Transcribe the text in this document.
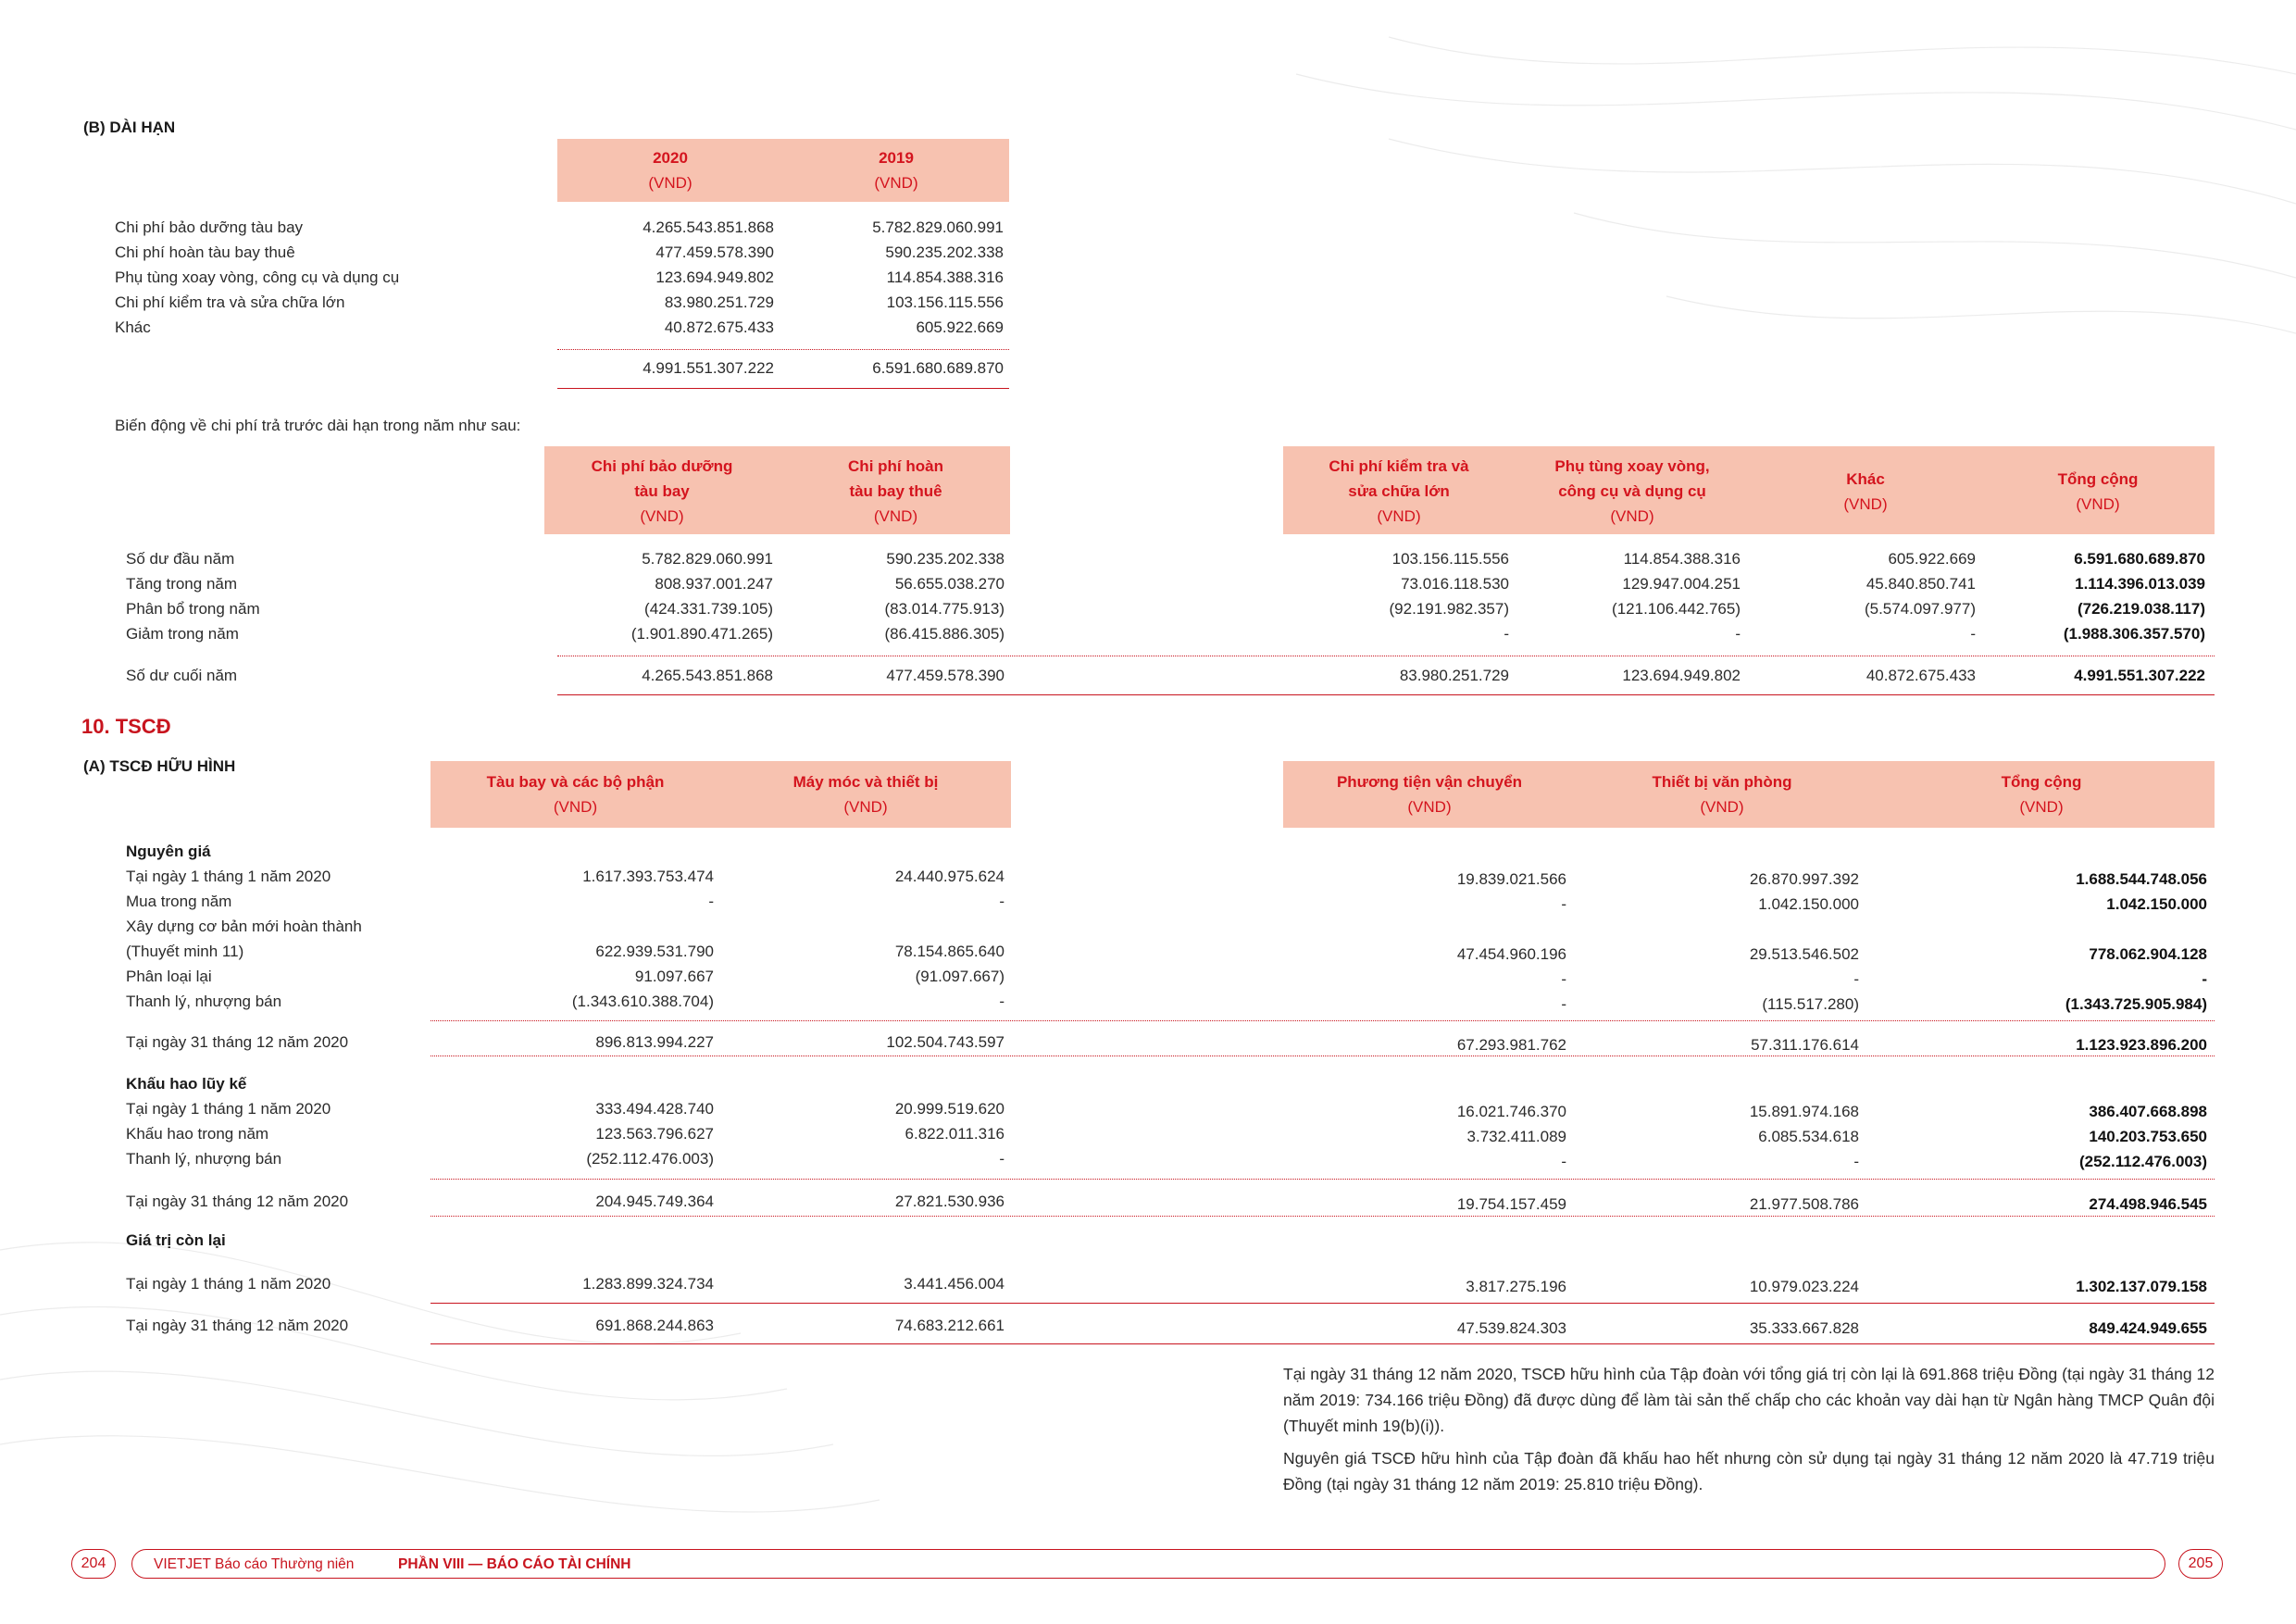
(B) DÀI HẠN
2020
(VND)
2019
(VND)
Chi phí bảo dưỡng tàu bay	4.265.543.851.868	5.782.829.060.991
Chi phí hoàn tàu bay thuê	477.459.578.390	590.235.202.338
Phụ tùng xoay vòng, công cụ và dụng cụ	123.694.949.802	114.854.388.316
Chi phí kiểm tra và sửa chữa lớn	83.980.251.729	103.156.115.556
Khác	40.872.675.433	605.922.669
4.991.551.307.222	6.591.680.689.870
Biến động về chi phí trả trước dài hạn trong năm như sau:
Chi phí bảo dưỡng
tàu bay
(VND)
Chi phí hoàn
tàu bay thuê
(VND)
Chi phí kiểm tra và
sửa chữa lớn
(VND)
Phụ tùng xoay vòng,
công cụ và dụng cụ
(VND)
Khác
(VND)
Tổng cộng
(VND)
Số dư đầu năm	5.782.829.060.991	590.235.202.338	103.156.115.556	114.854.388.316	605.922.669	6.591.680.689.870
Tăng trong năm	808.937.001.247	56.655.038.270	73.016.118.530	129.947.004.251	45.840.850.741	1.114.396.013.039
Phân bổ trong năm	(424.331.739.105)	(83.014.775.913)	(92.191.982.357)	(121.106.442.765)	(5.574.097.977)	(726.219.038.117)
Giảm trong năm	(1.901.890.471.265)	(86.415.886.305)	-	-	-	(1.988.306.357.570)
Số dư cuối năm	4.265.543.851.868	477.459.578.390	83.980.251.729	123.694.949.802	40.872.675.433	4.991.551.307.222
10. TSCĐ
(A) TSCĐ HỮU HÌNH
Tàu bay và các bộ phận
(VND)
Máy móc và thiết bị
(VND)
Phương tiện vận chuyển
(VND)
Thiết bị văn phòng
(VND)
Tổng cộng
(VND)
Nguyên giá
Tại ngày 1 tháng 1 năm 2020	1.617.393.753.474	24.440.975.624	19.839.021.566	26.870.997.392	1.688.544.748.056
Mua trong năm	-	-	-	1.042.150.000	1.042.150.000
Xây dựng cơ bản mới hoàn thành
(Thuyết minh 11)	622.939.531.790	78.154.865.640	47.454.960.196	29.513.546.502	778.062.904.128
Phân loại lại	91.097.667	(91.097.667)	-	-	-
Thanh lý, nhượng bán	(1.343.610.388.704)	-	-	(115.517.280)	(1.343.725.905.984)
Tại ngày 31 tháng 12 năm 2020	896.813.994.227	102.504.743.597	67.293.981.762	57.311.176.614	1.123.923.896.200
Khấu hao lũy kế
Tại ngày 1 tháng 1 năm 2020	333.494.428.740	20.999.519.620	16.021.746.370	15.891.974.168	386.407.668.898
Khấu hao trong năm	123.563.796.627	6.822.011.316	3.732.411.089	6.085.534.618	140.203.753.650
Thanh lý, nhượng bán	(252.112.476.003)	-	-	-	(252.112.476.003)
Tại ngày 31 tháng 12 năm 2020	204.945.749.364	27.821.530.936	19.754.157.459	21.977.508.786	274.498.946.545
Giá trị còn lại
Tại ngày 1 tháng 1 năm 2020	1.283.899.324.734	3.441.456.004	3.817.275.196	10.979.023.224	1.302.137.079.158
Tại ngày 31 tháng 12 năm 2020	691.868.244.863	74.683.212.661	47.539.824.303	35.333.667.828	849.424.949.655
Tại ngày 31 tháng 12 năm 2020, TSCĐ hữu hình của Tập đoàn với tổng giá trị còn lại là 691.868 triệu Đồng (tại ngày 31 tháng 12 năm 2019: 734.166 triệu Đồng) đã được dùng để làm tài sản thế chấp cho các khoản vay dài hạn từ Ngân hàng TMCP Quân đội (Thuyết minh 19(b)(i)).
Nguyên giá TSCĐ hữu hình của Tập đoàn đã khấu hao hết nhưng còn sử dụng tại ngày 31 tháng 12 năm 2020 là 47.719 triệu Đồng (tại ngày 31 tháng 12 năm 2019: 25.810 triệu Đồng).
204	VIETJET Báo cáo Thường niên	PHẦN VIII — BÁO CÁO TÀI CHÍNH	205
